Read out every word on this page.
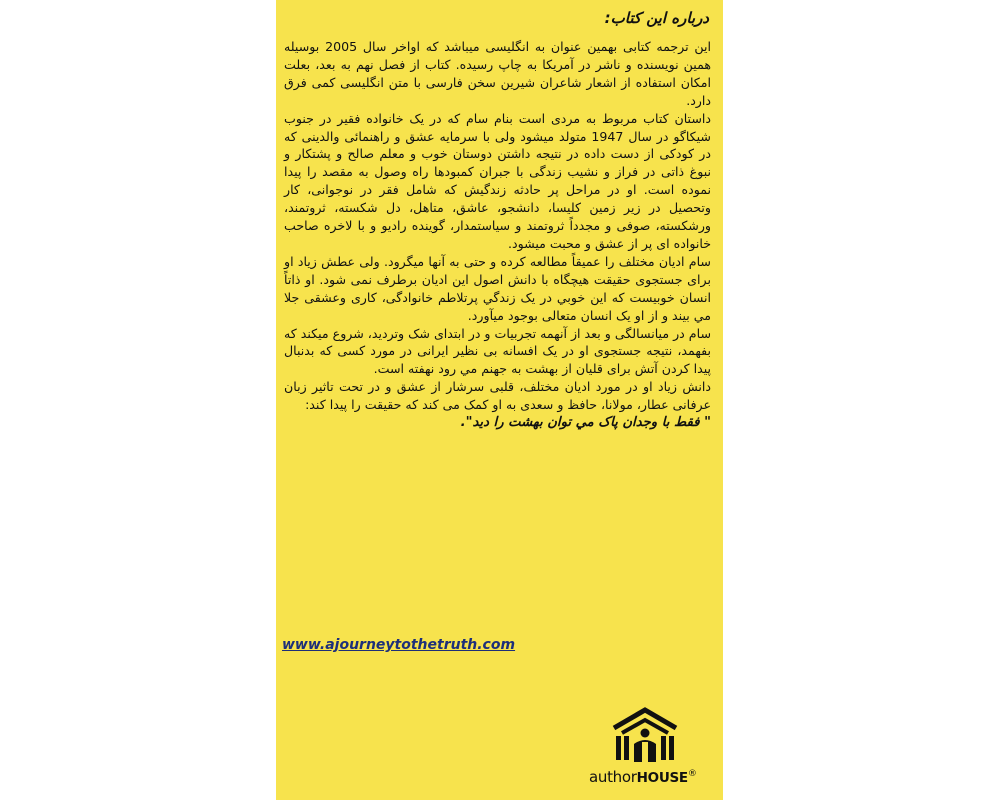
درباره این کتاب:

این ترجمه کتابی بهمین عنوان به انگلیسی میباشد که اواخر سال 2005 بوسیله همین نویسنده و ناشر در آمریکا به چاپ رسیده. کتاب از فصل نهم به بعد، بعلت امکان استفاده از اشعار شاعران شیرین سخن فارسی با متن انگلیسی کمی فرق دارد.

داستان کتاب مربوط به مردی است بنام سام که در یک خانواده فقیر در جنوب شیکاگو در سال 1947 متولد میشود ولی با سرمایه عشق و راهنمائی والدینی که در کودکی از دست داده در نتیجه داشتن دوستان خوب و معلم صالح و پشتکار و نبوغ ذاتی در فراز و نشیب زندگی با جبران کمبودها راه وصول به مقصد را پیدا نموده است. او در مراحل پر حادثه زندگیش که شامل فقر در نوجوانی، کار وتحصیل در زیر زمین کلیسا، دانشجو، عاشق، متاهل، دل شکسته، ثروتمند، ورشکسته، صوفی و مجدداً ثروتمند و سیاستمدار، گوینده رادیو و با لاخره صاحب خانواده ای پر از عشق و محبت میشود.

سام ادیان مختلف را عمیقاً مطالعه کرده و حتی به آنها میگرود. ولی عطش زیاد او برای جستجوی حقیقت هیچگاه با دانش اصول این ادیان برطرف نمی شود. او ذاتاً انسان خوبیست که این خوبي در یک زندگي پرتلاطم خانوادگی، کاری وعشقی جلا مي بیند و از او یک انسان متعالی بوجود میآورد.

سام در میانسالگی و بعد از آنهمه تجربیات و در ابتدای شک وتردید، شروع میکند که بفهمد، نتیجه جستجوی او در یک افسانه بی نظیر ایرانی در مورد کسی که بدنبال پیدا کردن آتش برای قلیان از بهشت به جهنم مي رود نهفته است.

دانش زیاد او در مورد ادیان مختلف، قلبی سرشار از عشق و در تحت تاثیر زبان عرفانی عطار، مولانا، حافظ و سعدی به او کمک می کند که حقیقت را پیدا کند:

" فقط با وجدان پاک مي توان بهشت را دید".

www.ajourneytothetruth.com
authorHOUSE®
